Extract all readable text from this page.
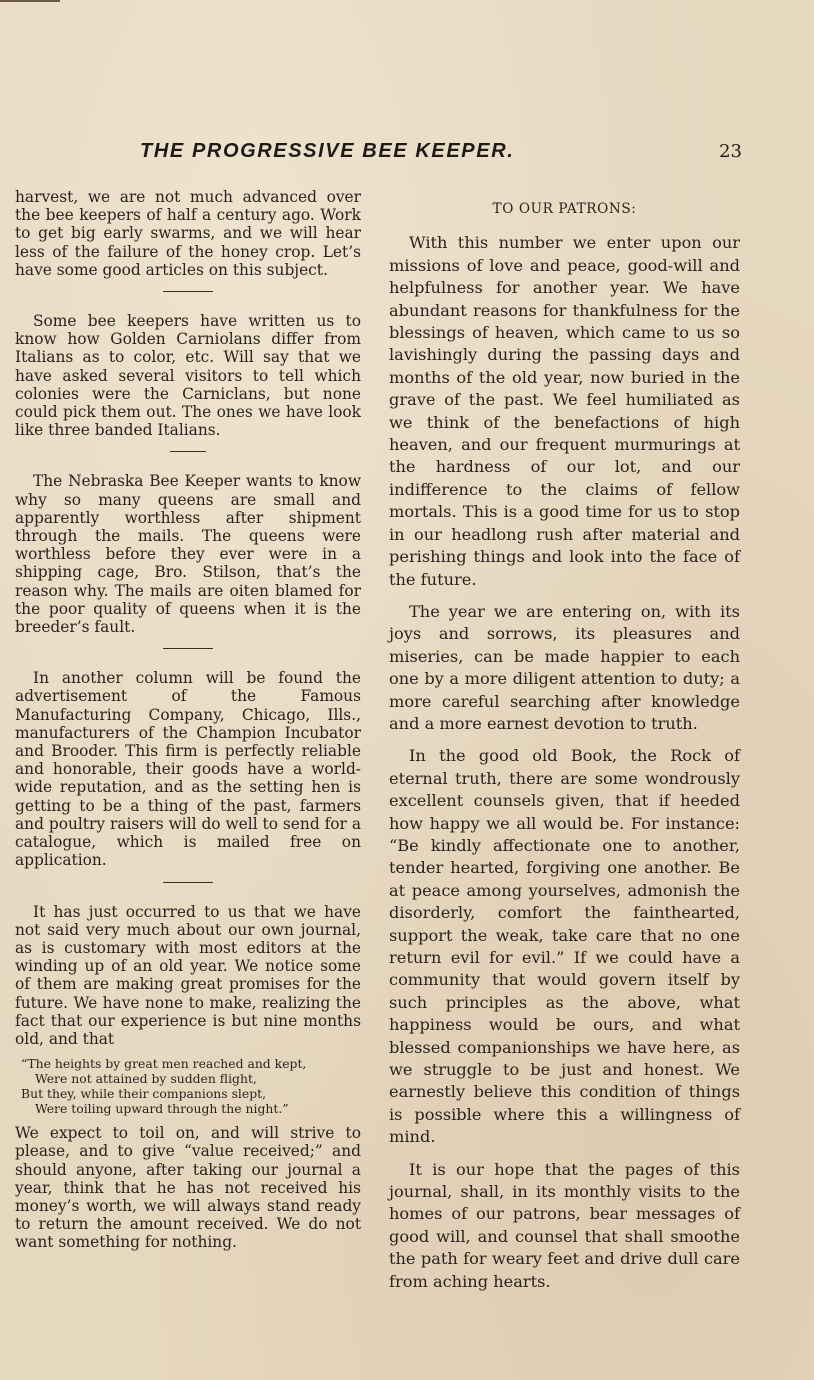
THE PROGRESSIVE BEE KEEPER.	23

harvest, we are not much advanced over the bee keepers of half a century ago. Work to get big early swarms, and we will hear less of the failure of the honey crop. Let’s have some good articles on this subject.

Some bee keepers have written us to know how Golden Carniolans differ from Italians as to color, etc. Will say that we have asked several visitors to tell which colonies were the Carniclans, but none could pick them out. The ones we have look like three banded Italians.

The Nebraska Bee Keeper wants to know why so many queens are small and apparently worthless after shipment through the mails. The queens were worthless before they ever were in a shipping cage, Bro. Stilson, that’s the reason why. The mails are oiten blamed for the poor quality of queens when it is the breeder’s fault.

In another column will be found the advertisement of the Famous Manufacturing Company, Chicago, Ills., manufacturers of the Champion Incubator and Brooder. This firm is perfectly reliable and honorable, their goods have a world-wide reputation, and as the setting hen is getting to be a thing of the past, farmers and poultry raisers will do well to send for a catalogue, which is mailed free on application.

It has just occurred to us that we have not said very much about our own journal, as is customary with most editors at the winding up of an old year. We notice some of them are making great promises for the future. We have none to make, realizing the fact that our experience is but nine months old, and that

“The heights by great men reached and kept,
Were not attained by sudden flight,
But they, while their companions slept,
Were toiling upward through the night.”

We expect to toil on, and will strive to please, and to give “value received;” and should anyone, after taking our journal a year, think that he has not received his money’s worth, we will always stand ready to return the amount received. We do not want something for nothing.

TO OUR PATRONS:

With this number we enter upon our missions of love and peace, good-will and helpfulness for another year. We have abundant reasons for thankfulness for the blessings of heaven, which came to us so lavishingly during the passing days and months of the old year, now buried in the grave of the past. We feel humiliated as we think of the benefactions of high heaven, and our frequent murmurings at the hardness of our lot, and our indifference to the claims of fellow mortals. This is a good time for us to stop in our headlong rush after material and perishing things and look into the face of the future.

The year we are entering on, with its joys and sorrows, its pleasures and miseries, can be made happier to each one by a more diligent attention to duty; a more careful searching after knowledge and a more earnest devotion to truth.

In the good old Book, the Rock of eternal truth, there are some wondrously excellent counsels given, that if heeded how happy we all would be. For instance: “Be kindly affectionate one to another, tender hearted, forgiving one another. Be at peace among yourselves, admonish the disorderly, comfort the fainthearted, support the weak, take care that no one return evil for evil.” If we could have a community that would govern itself by such principles as the above, what happiness would be ours, and what blessed companionships we have here, as we struggle to be just and honest. We earnestly believe this condition of things is possible where this a willingness of mind.

It is our hope that the pages of this journal, shall, in its monthly visits to the homes of our patrons, bear messages of good will, and counsel that shall smoothe the path for weary feet and drive dull care from aching hearts.
